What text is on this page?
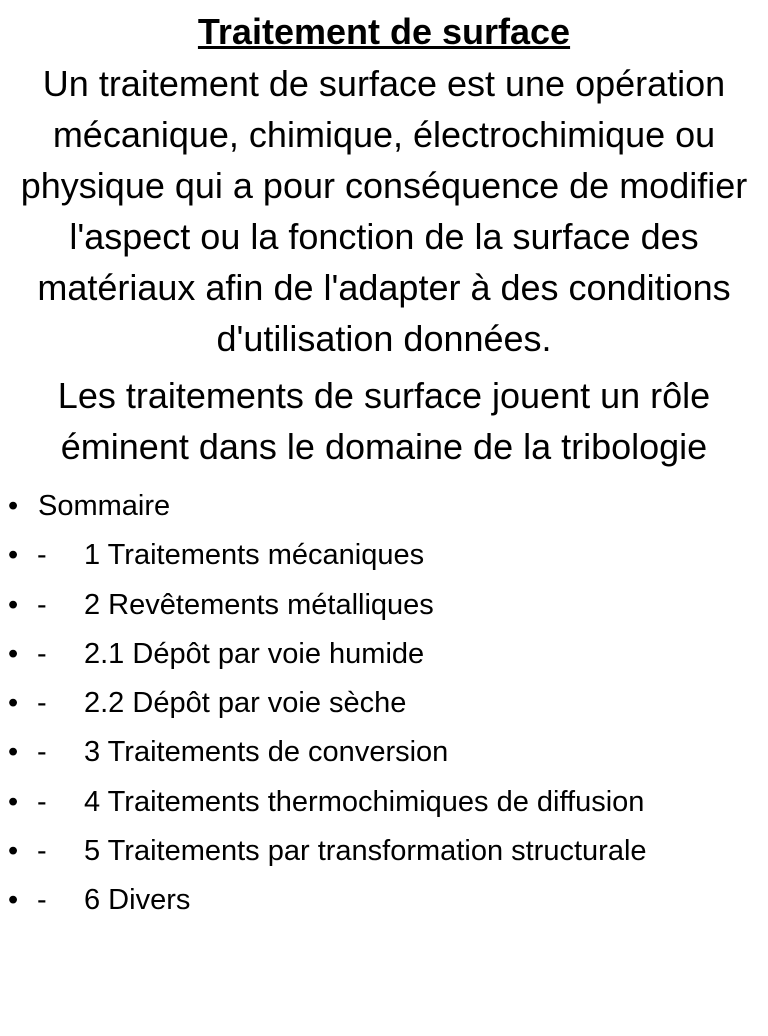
Traitement de surface

Un traitement de surface est une opération mécanique, chimique, électrochimique ou physique qui a pour conséquence de modifier l'aspect ou la fonction de la surface des matériaux afin de l'adapter à des conditions d'utilisation données.

Les traitements de surface jouent un rôle éminent dans le domaine de la tribologie

• Sommaire
• - 1 Traitements mécaniques
• - 2 Revêtements métalliques
• - 2.1 Dépôt par voie humide
• - 2.2 Dépôt par voie sèche
• - 3 Traitements de conversion
• - 4 Traitements thermochimiques de diffusion
• - 5 Traitements par transformation structurale
• - 6 Divers
